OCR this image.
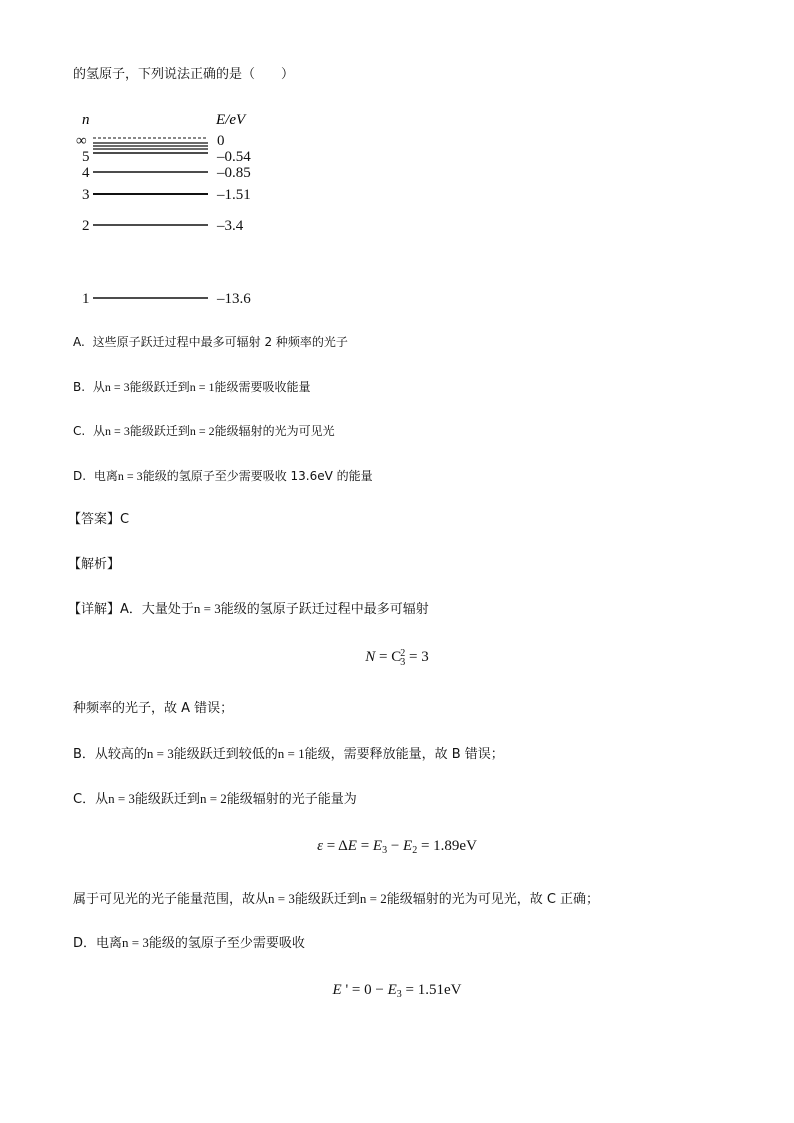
的氢原子，下列说法正确的是（　　）
n	E/eV
∞
5
4
3
2
1
0
–0.54
–0.85
–1.51
–3.4
–13.6
A. 这些原子跃迁过程中最多可辐射 2 种频率的光子
B. 从n = 3能级跃迁到n = 1能级需要吸收能量
C. 从n = 3能级跃迁到n = 2能级辐射的光为可见光
D. 电离n = 3能级的氢原子至少需要吸收 13.6eV 的能量
【答案】C
【解析】
【详解】A．大量处于n = 3能级的氢原子跃迁过程中最多可辐射
N = C2
3 = 3
种频率的光子，故 A 错误；
B．从较高的n = 3能级跃迁到较低的n = 1能级，需要释放能量，故 B 错误；
C．从n = 3能级跃迁到n = 2能级辐射的光子能量为
$\varepsilon = \Delta E = E_3 - E_2 = 1.89eV$
属于可见光的光子能量范围，故从n = 3能级跃迁到n = 2能级辐射的光为可见光，故 C 正确；
D．电离n = 3能级的氢原子至少需要吸收
E ' = $0 - E_3 = 1.51eV$
